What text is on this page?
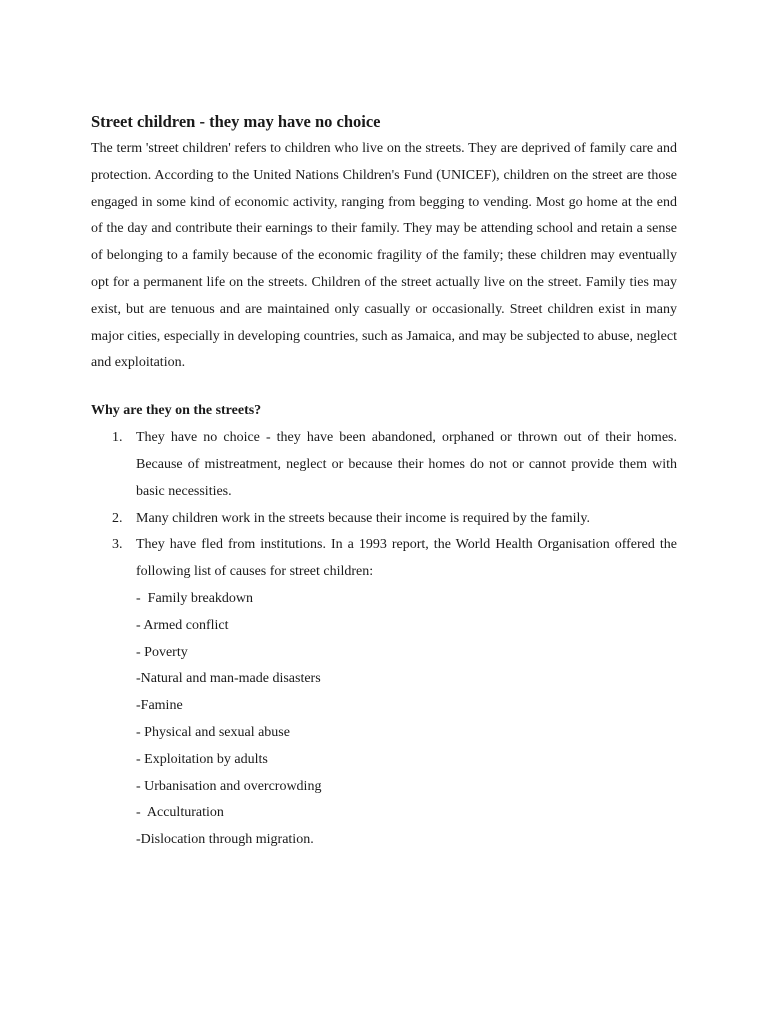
Street children - they may have no choice

The term 'street children' refers to children who live on the streets. They are deprived of family care and protection. According to the United Nations Children's Fund (UNICEF), children on the street are those engaged in some kind of economic activity, ranging from begging to vending. Most go home at the end of the day and contribute their earnings to their family. They may be attending school and retain a sense of belonging to a family because of the economic fragility of the family; these children may eventually opt for a permanent life on the streets. Children of the street actually live on the street. Family ties may exist, but are tenuous and are maintained only casually or occasionally. Street children exist in many major cities, especially in developing countries, such as Jamaica, and may be subjected to abuse, neglect and exploitation.

Why are they on the streets?
1. They have no choice - they have been abandoned, orphaned or thrown out of their homes. Because of mistreatment, neglect or because their homes do not or cannot provide them with basic necessities.
2. Many children work in the streets because their income is required by the family.
3. They have fled from institutions. In a 1993 report, the World Health Organisation offered the following list of causes for street children:
-  Family breakdown
- Armed conflict
- Poverty
-Natural and man-made disasters
-Famine
- Physical and sexual abuse
- Exploitation by adults
- Urbanisation and overcrowding
-  Acculturation
-Dislocation through migration.
